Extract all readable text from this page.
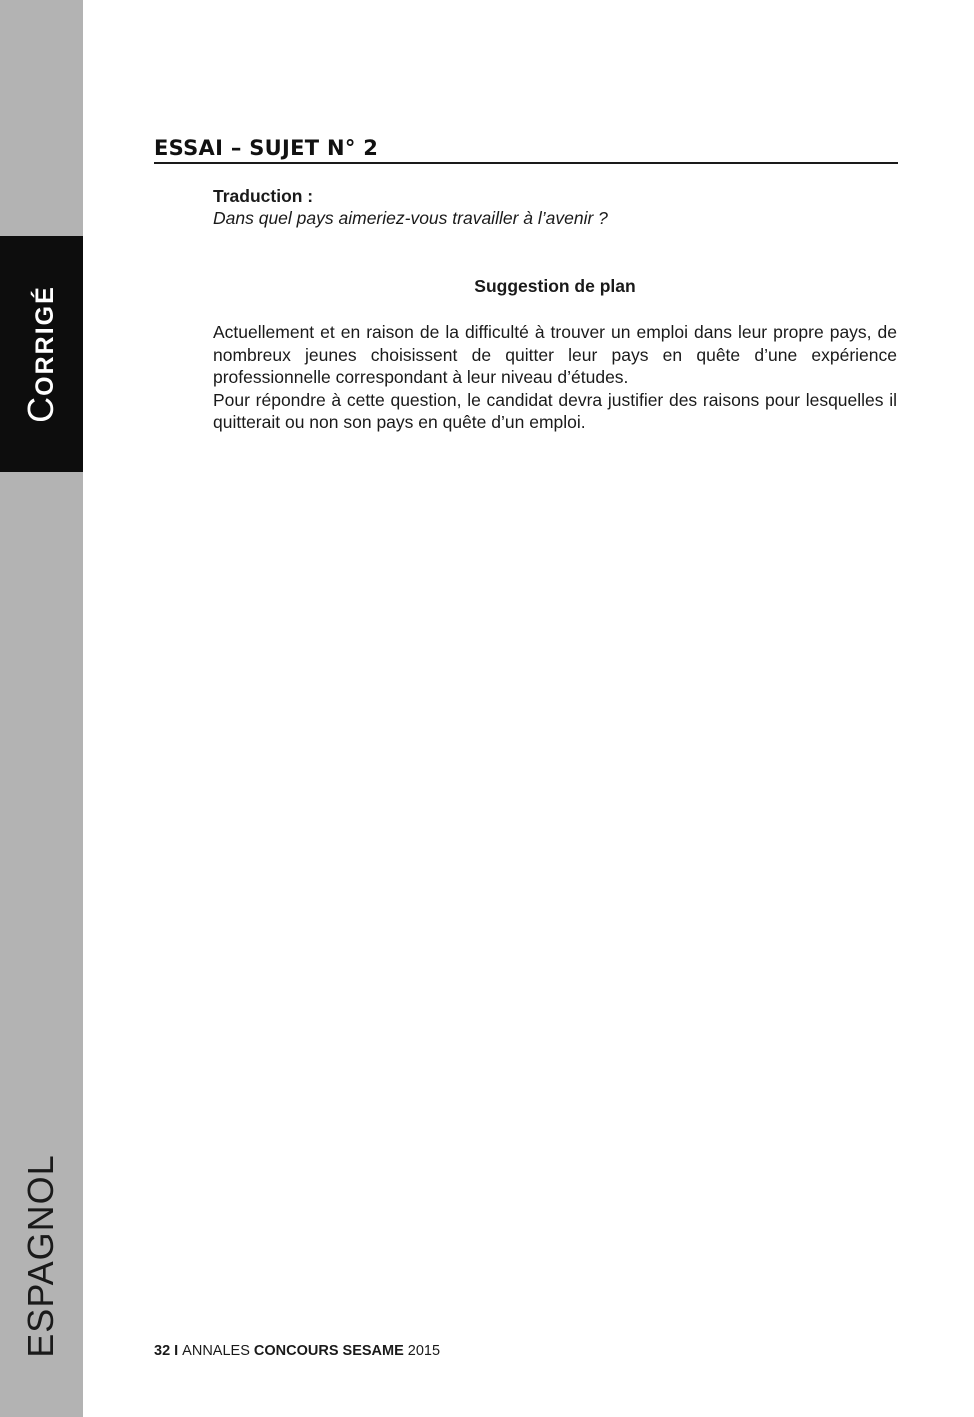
CORRIGÉ
ESPAGNOL
ESSAI – SUJET N° 2
Traduction :
Dans quel pays aimeriez-vous travailler à l’avenir ?
Suggestion de plan

Actuellement et en raison de la difficulté à trouver un emploi dans leur propre pays, de nombreux jeunes choisissent de quitter leur pays en quête d’une expérience professionnelle correspondant à leur niveau d’études.

Pour répondre à cette question, le candidat devra justifier des raisons pour lesquelles il quitterait ou non son pays en quête d’un emploi.

32 I ANNALES CONCOURS SESAME 2015
